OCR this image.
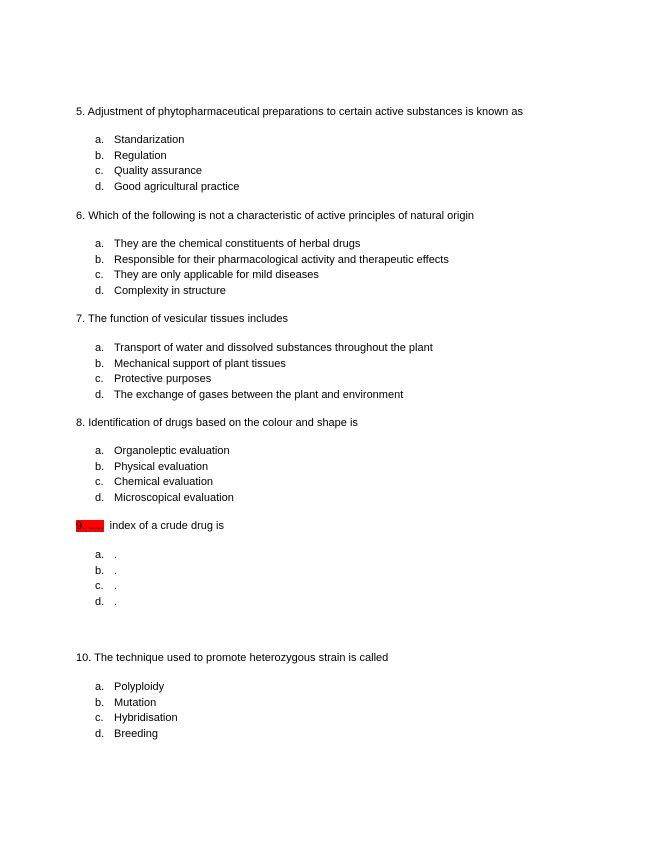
5. Adjustment of phytopharmaceutical preparations to certain active substances is known as
a. Standarization
b. Regulation
c. Quality assurance
d. Good agricultural practice
6. Which of the following is not a characteristic of active principles of natural origin
a. They are the chemical constituents of herbal drugs
b. Responsible for their pharmacological activity and therapeutic effects
c. They are only applicable for mild diseases
d. Complexity in structure
7. The function of vesicular tissues includes
a. Transport of water and dissolved substances throughout the plant
b. Mechanical support of plant tissues
c. Protective purposes
d. The exchange of gases between the plant and environment
8. Identification of drugs based on the colour and shape is
a. Organoleptic evaluation
b. Physical evaluation
c. Chemical evaluation
d. Microscopical evaluation
9. .....  index of a crude drug is
a. .
b. .
c. .
d. .
10. The technique used to promote heterozygous strain is called
a. Polyploidy
b. Mutation
c. Hybridisation
d. Breeding
